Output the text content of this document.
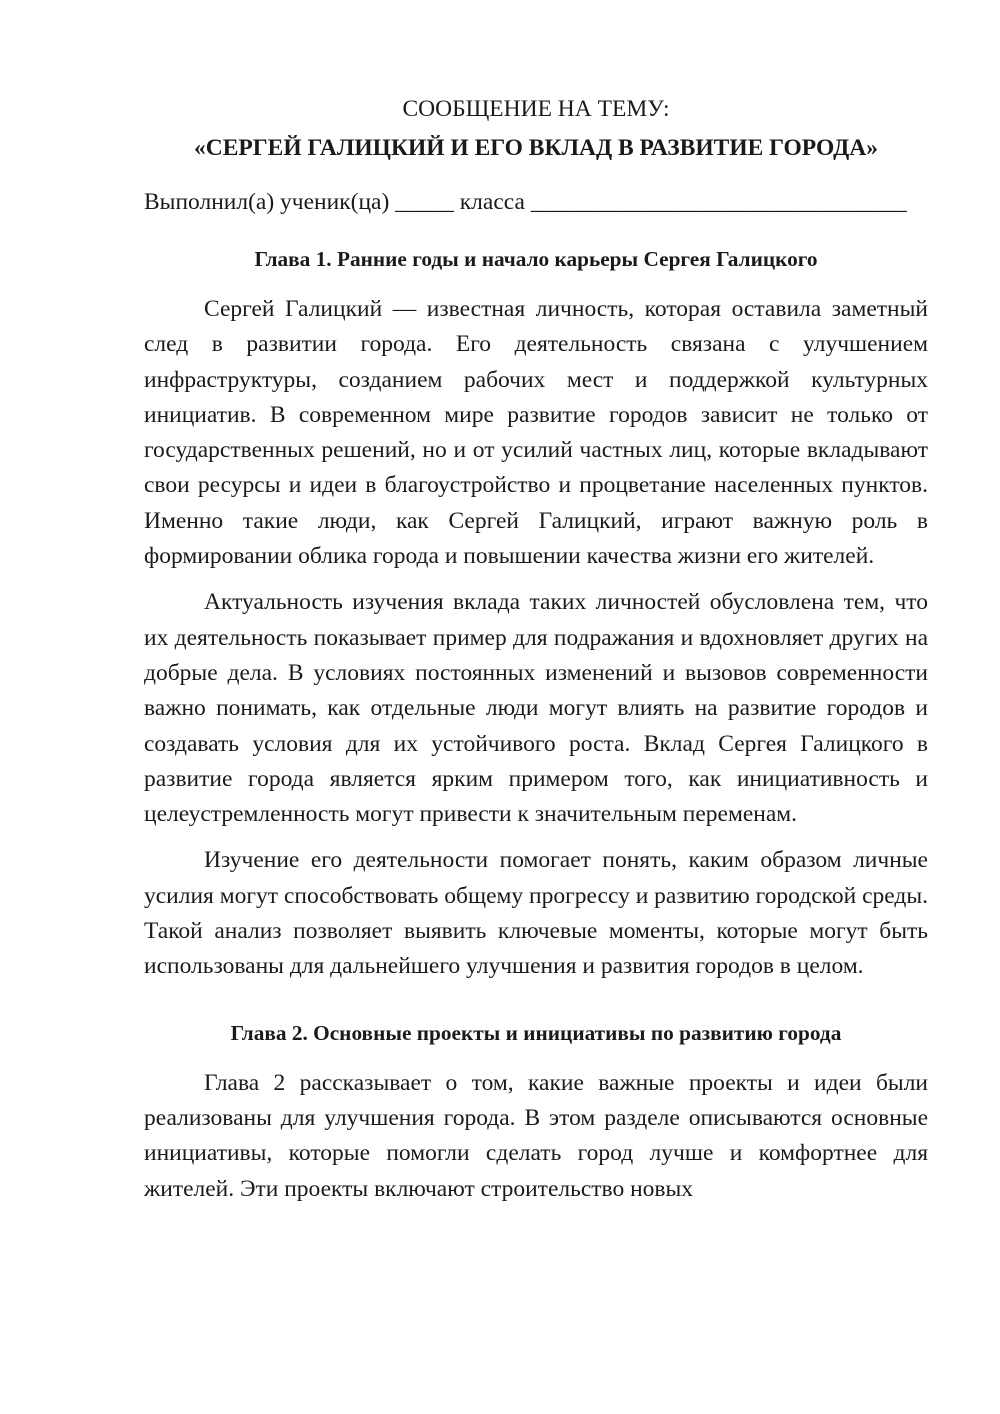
СООБЩЕНИЕ НА ТЕМУ:

«СЕРГЕЙ ГАЛИЦКИЙ И ЕГО ВКЛАД В РАЗВИТИЕ ГОРОДА»

Выполнил(а) ученик(ца) _____ класса ________________________________

Глава 1. Ранние годы и начало карьеры Сергея Галицкого

Сергей Галицкий — известная личность, которая оставила заметный след в развитии города. Его деятельность связана с улучшением инфраструктуры, созданием рабочих мест и поддержкой культурных инициатив. В современном мире развитие городов зависит не только от государственных решений, но и от усилий частных лиц, которые вкладывают свои ресурсы и идеи в благоустройство и процветание населенных пунктов. Именно такие люди, как Сергей Галицкий, играют важную роль в формировании облика города и повышении качества жизни его жителей.

Актуальность изучения вклада таких личностей обусловлена тем, что их деятельность показывает пример для подражания и вдохновляет других на добрые дела. В условиях постоянных изменений и вызовов современности важно понимать, как отдельные люди могут влиять на развитие городов и создавать условия для их устойчивого роста. Вклад Сергея Галицкого в развитие города является ярким примером того, как инициативность и целеустремленность могут привести к значительным переменам.

Изучение его деятельности помогает понять, каким образом личные усилия могут способствовать общему прогрессу и развитию городской среды. Такой анализ позволяет выявить ключевые моменты, которые могут быть использованы для дальнейшего улучшения и развития городов в целом.

Глава 2. Основные проекты и инициативы по развитию города

Глава 2 рассказывает о том, какие важные проекты и идеи были реализованы для улучшения города. В этом разделе описываются основные инициативы, которые помогли сделать город лучше и комфортнее для жителей. Эти проекты включают строительство новых
